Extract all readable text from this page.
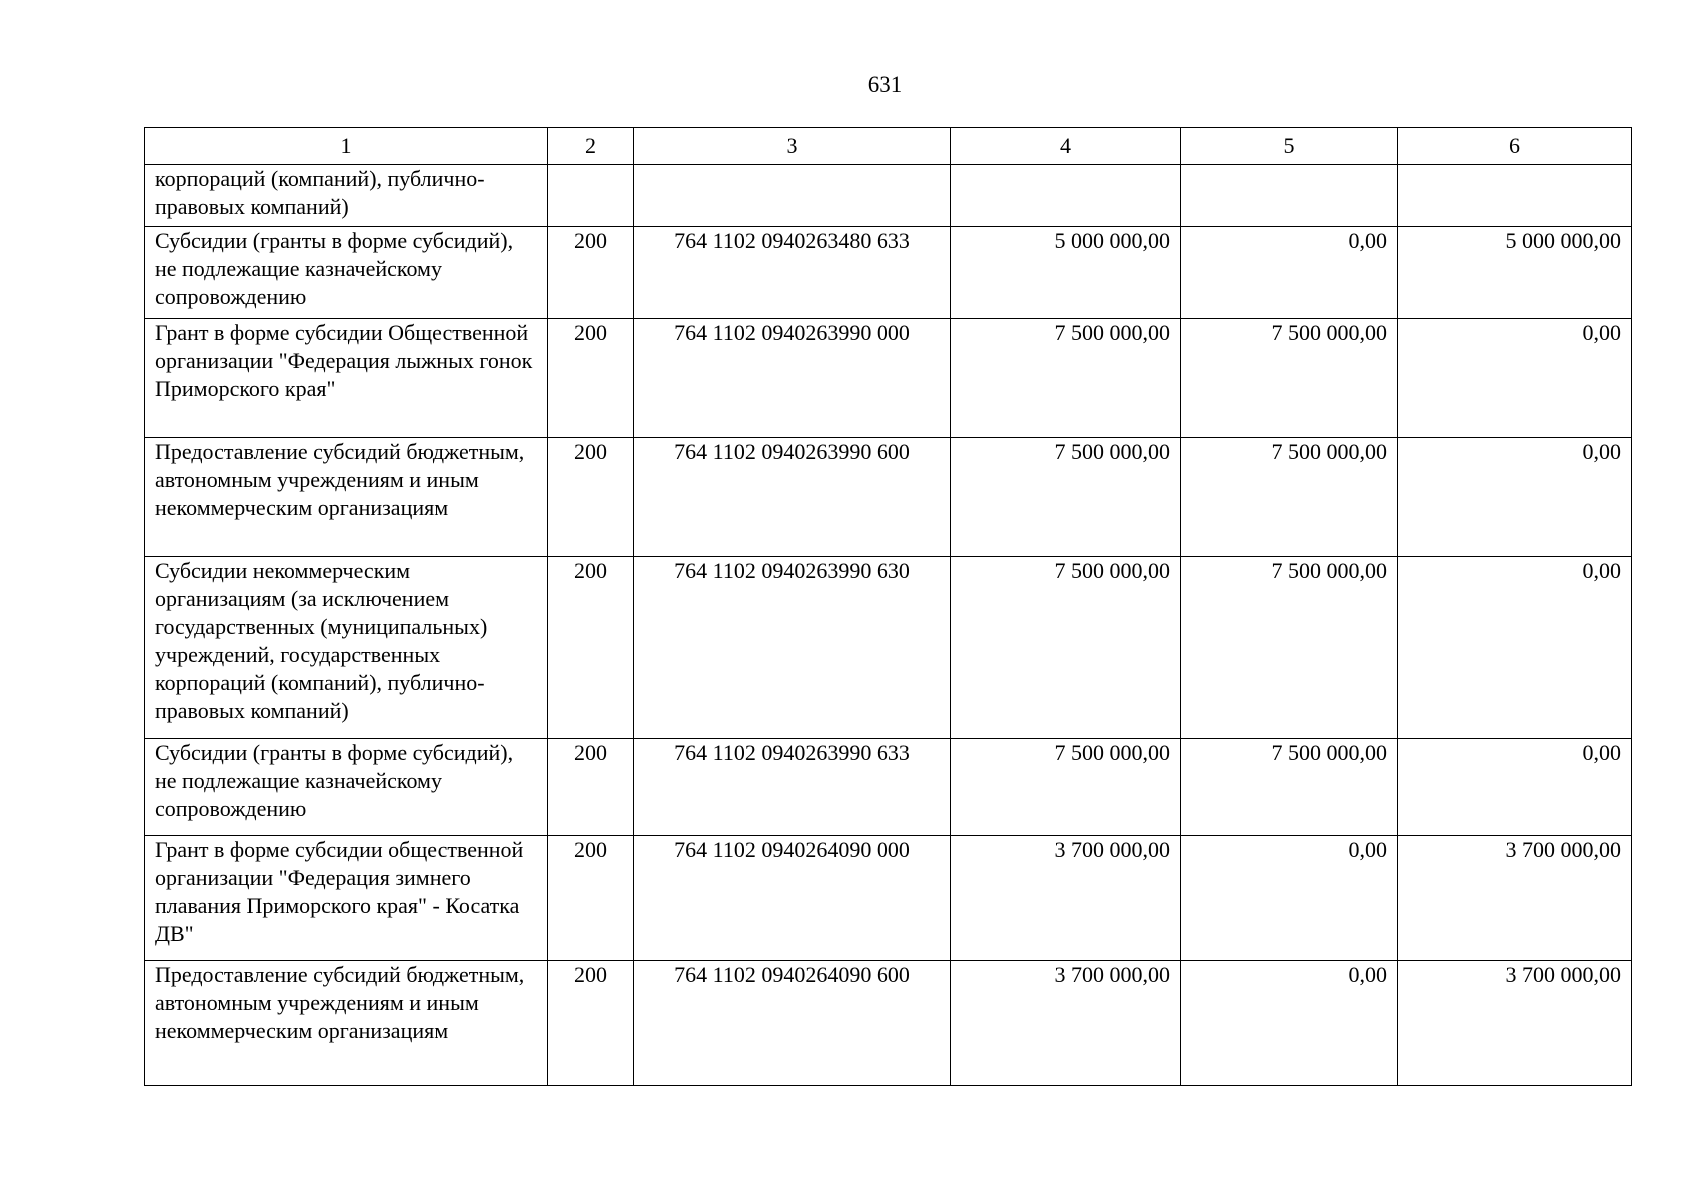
631
1	2	3	4	5	6
корпораций (компаний), публично-правовых компаний)					
Субсидии (гранты в форме субсидий), не подлежащие казначейскому сопровождению	200	764 1102 0940263480 633	5 000 000,00	0,00	5 000 000,00
Грант в форме субсидии Общественной организации "Федерация лыжных гонок Приморского края"	200	764 1102 0940263990 000	7 500 000,00	7 500 000,00	0,00
Предоставление субсидий бюджетным, автономным учреждениям и иным некоммерческим организациям	200	764 1102 0940263990 600	7 500 000,00	7 500 000,00	0,00
Субсидии некоммерческим организациям (за исключением государственных (муниципальных) учреждений, государственных корпораций (компаний), публично-правовых компаний)	200	764 1102 0940263990 630	7 500 000,00	7 500 000,00	0,00
Субсидии (гранты в форме субсидий), не подлежащие казначейскому сопровождению	200	764 1102 0940263990 633	7 500 000,00	7 500 000,00	0,00
Грант в форме субсидии общественной организации "Федерация зимнего плавания Приморского края" - Косатка ДВ"	200	764 1102 0940264090 000	3 700 000,00	0,00	3 700 000,00
Предоставление субсидий бюджетным, автономным учреждениям и иным некоммерческим организациям	200	764 1102 0940264090 600	3 700 000,00	0,00	3 700 000,00
